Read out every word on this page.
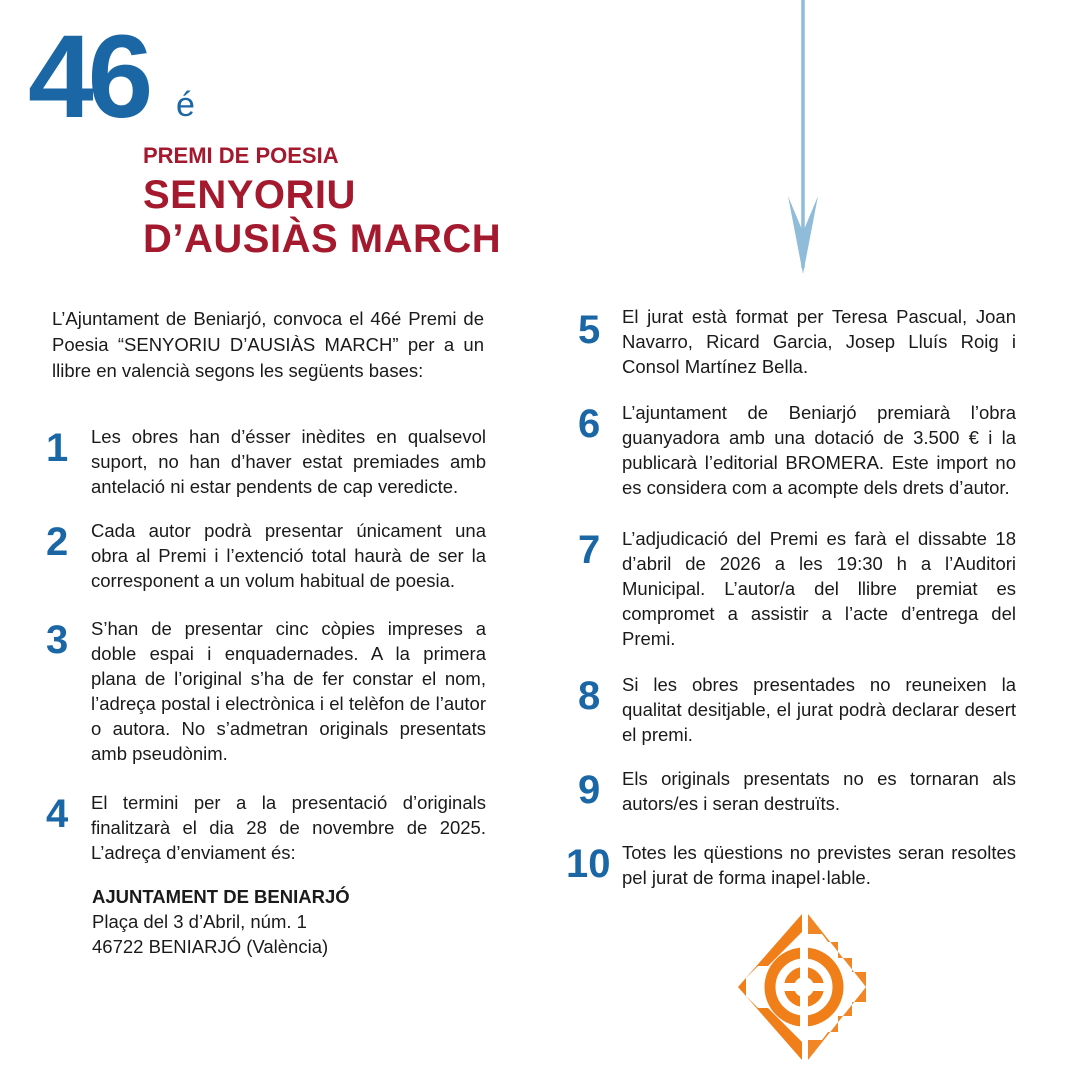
46 é
PREMI DE POESIA
SENYORIU
D’AUSIÀS MARCH
L’Ajuntament de Beniarjó, convoca el 46é Premi de Poesia “SENYORIU D’AUSIÀS MARCH” per a un llibre en valencià segons les següents bases:
1 Les obres han d’ésser inèdites en qualsevol suport, no han d’haver estat premiades amb antelació ni estar pendents de cap veredicte.
2 Cada autor podrà presentar únicament una obra al Premi i l’extenció total haurà de ser la corresponent a un volum habitual de poesia.
3 S’han de presentar cinc còpies impreses a doble espai i enquadernades. A la primera plana de l’original s’ha de fer constar el nom, l’adreça postal i electrònica i el telèfon de l’autor o autora. No s’admetran originals presentats amb pseudònim.
4 El termini per a la presentació d’originals finalitzarà el dia 28 de novembre de 2025. L’adreça d’enviament és:
AJUNTAMENT DE BENIARJÓ
Plaça del 3 d’Abril, núm. 1
46722 BENIARJÓ (València)
5 El jurat està format per Teresa Pascual, Joan Navarro, Ricard Garcia, Josep Lluís Roig i Consol Martínez Bella.
6 L’ajuntament de Beniarjó premiarà l’obra guanyadora amb una dotació de 3.500 € i la publicarà l’editorial BROMERA. Este import no es considera com a acompte dels drets d’autor.
7 L’adjudicació del Premi es farà el dissabte 18 d’abril de 2026 a les 19:30 h a l’Auditori Municipal. L’autor/a del llibre premiat es compromet a assistir a l’acte d’entrega del Premi.
8 Si les obres presentades no reuneixen la qualitat desitjable, el jurat podrà declarar desert el premi.
9 Els originals presentats no es tornaran als autors/es i seran destruïts.
10 Totes les qüestions no previstes seran resoltes pel jurat de forma inapel·lable.
